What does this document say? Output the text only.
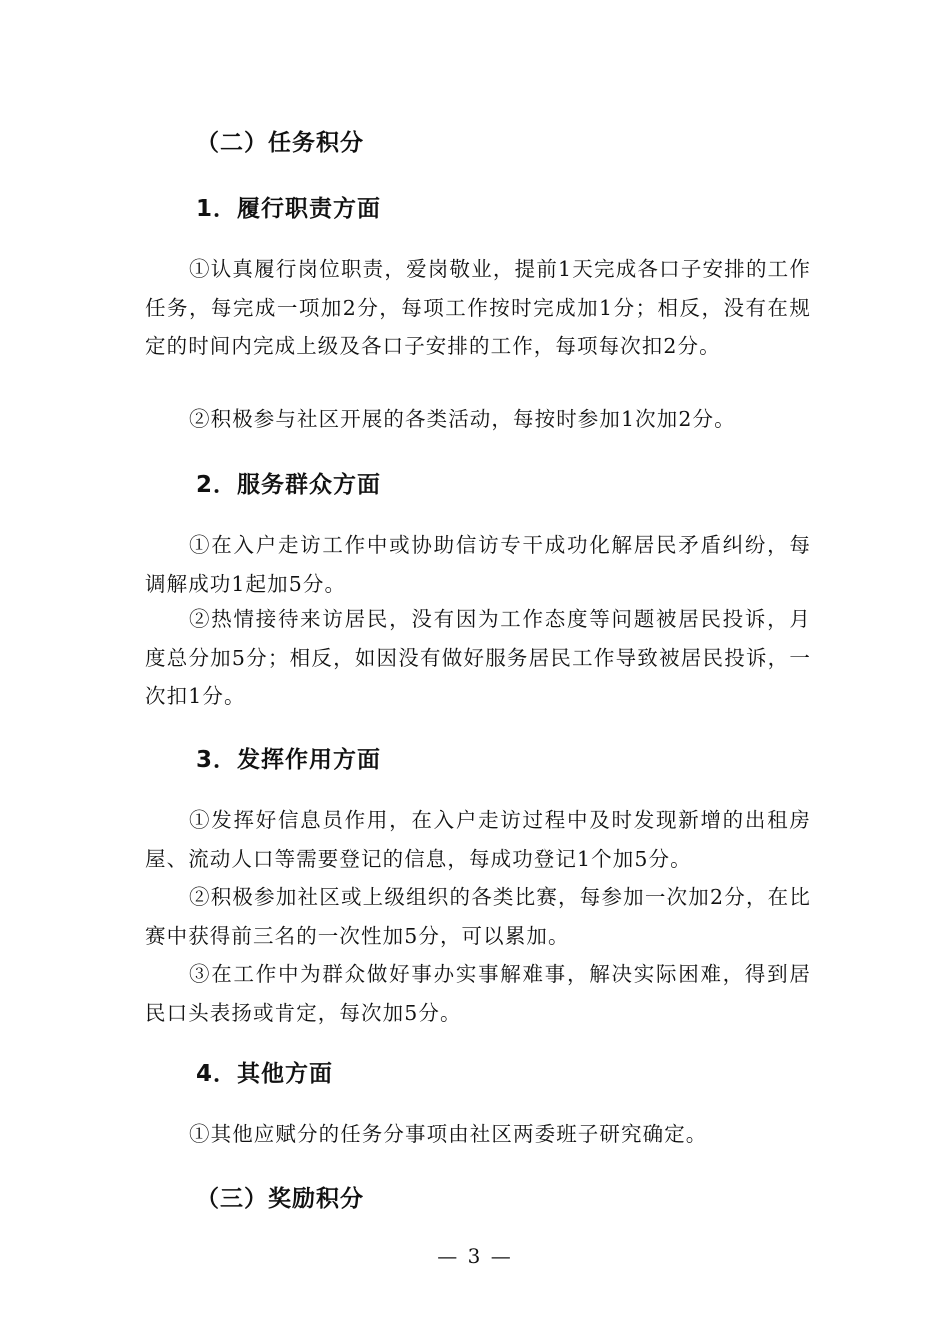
（二）任务积分
1．履行职责方面

①认真履行岗位职责，爱岗敬业，提前1天完成各口子安排的工作任务，每完成一项加2分，每项工作按时完成加1分；相反，没有在规定的时间内完成上级及各口子安排的工作，每项每次扣2分。

②积极参与社区开展的各类活动，每按时参加1次加2分。

2．服务群众方面

①在入户走访工作中或协助信访专干成功化解居民矛盾纠纷，每调解成功1起加5分。

②热情接待来访居民，没有因为工作态度等问题被居民投诉，月度总分加5分；相反，如因没有做好服务居民工作导致被居民投诉，一次扣1分。

3．发挥作用方面

①发挥好信息员作用，在入户走访过程中及时发现新增的出租房屋、流动人口等需要登记的信息，每成功登记1个加5分。

②积极参加社区或上级组织的各类比赛，每参加一次加2分，在比赛中获得前三名的一次性加5分，可以累加。

③在工作中为群众做好事办实事解难事，解决实际困难，得到居民口头表扬或肯定，每次加5分。

4．其他方面

①其他应赋分的任务分事项由社区两委班子研究确定。

（三）奖励积分
— 3 —
